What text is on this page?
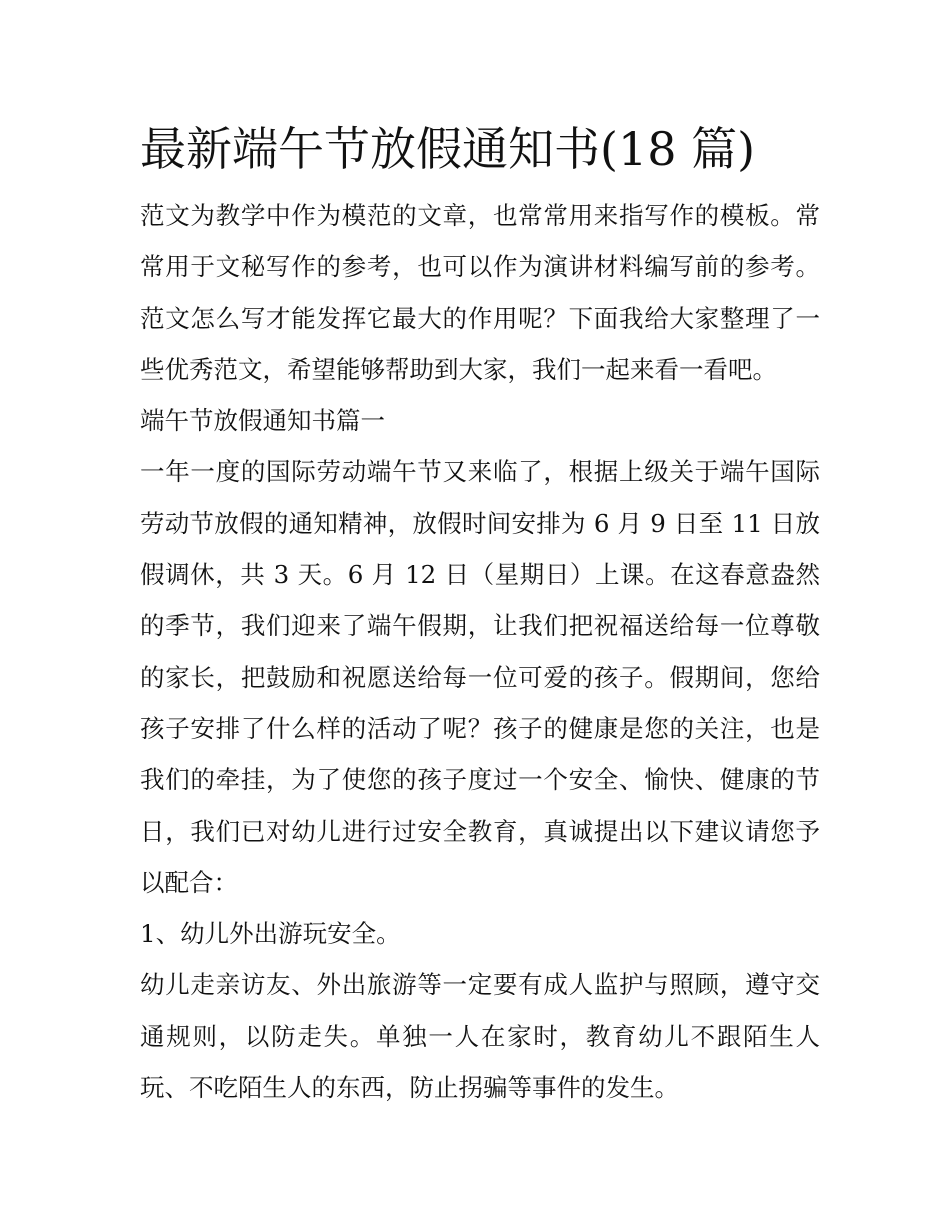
最新端午节放假通知书(18 篇)

范文为教学中作为模范的文章，也常常用来指写作的模板。常常用于文秘写作的参考，也可以作为演讲材料编写前的参考。范文怎么写才能发挥它最大的作用呢？下面我给大家整理了一些优秀范文，希望能够帮助到大家，我们一起来看一看吧。

端午节放假通知书篇一

一年一度的国际劳动端午节又来临了，根据上级关于端午国际劳动节放假的通知精神，放假时间安排为 6 月 9 日至 11 日放假调休，共 3 天。6 月 12 日（星期日）上课。在这春意盎然的季节，我们迎来了端午假期，让我们把祝福送给每一位尊敬的家长，把鼓励和祝愿送给每一位可爱的孩子。假期间，您给孩子安排了什么样的活动了呢？孩子的健康是您的关注，也是我们的牵挂，为了使您的孩子度过一个安全、愉快、健康的节日，我们已对幼儿进行过安全教育，真诚提出以下建议请您予以配合：

1、幼儿外出游玩安全。

幼儿走亲访友、外出旅游等一定要有成人监护与照顾，遵守交通规则，以防走失。单独一人在家时，教育幼儿不跟陌生人玩、不吃陌生人的东西，防止拐骗等事件的发生。
